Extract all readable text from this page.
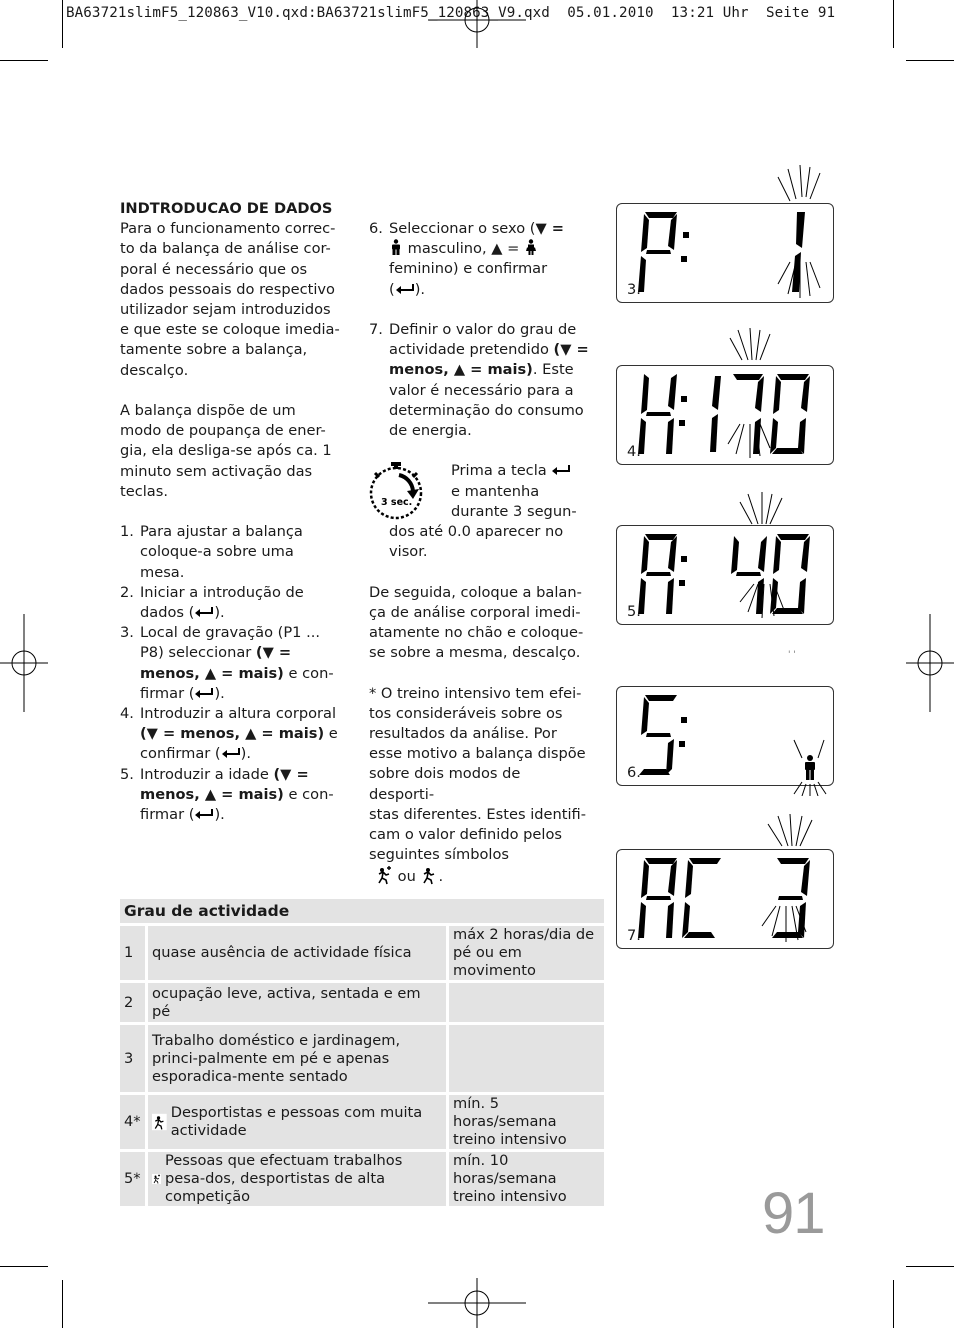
BA63721slimF5_120863_V10.qxd:BA63721slimF5_120863_V9.qxd  05.01.2010  13:21 Uhr  Seite 91
INDTRODUCAO DE DADOS
Para o funcionamento correc-
to da balança de análise cor-
poral é necessário que os
dados pessoais do respectivo
utilizador sejam introduzidos
e que este se coloque imedia-
tamente sobre a balança,
descalço.
A balança dispõe de um
modo de poupança de ener-
gia, ela desliga-se após ca. 1
minuto sem activação das
teclas.
1. Para ajustar a balança
coloque-a sobre uma
mesa.
2. Iniciar a introdução de
dados ( ).
3. Local de gravação (P1 ...
P8) seleccionar (▼ =
menos, ▲ = mais) e con-
firmar ( ).
4. Introduzir a altura corporal
(▼ = menos, ▲ = mais) e
confirmar ( ).
5. Introduzir a idade (▼ =
menos, ▲ = mais) e con-
firmar ( ).
6. Seleccionar o sexo (▼ =
masculino, ▲ =
feminino) e confirmar
( ).
7. Definir o valor do grau de
actividade pretendido (▼ =
menos, ▲ = mais). Este
valor é necessário para a
determinação do consumo
de energia.
3 sec.
Prima a tecla
e mantenha
durante 3 segun-
dos até 0.0 aparecer no
visor.
De seguida, coloque a balan-
ça de análise corporal imedi-
atamente no chão e coloque-
se sobre a mesma, descalço.
* O treino intensivo tem efei-
tos consideráveis sobre os
resultados da análise. Por
esse motivo a balança dispõe
sobre dois modos de desporti-
stas diferentes. Estes identifi-
cam o valor definido pelos
seguintes símbolos
ou .
3.
4.
5.
6.
' '
7.
Grau de actividade		
1	quase ausência de actividade física	máx 2 horas/dia de pé ou em movimento
2	ocupação leve, activa, sentada e em pé	
3	Trabalho doméstico e jardinagem, princi-palmente em pé e apenas esporadica-mente sentado	
4*	Desportistas e pessoas com muita actividade	mín. 5 horas/semana treino intensivo
5*	Pessoas que efectuam trabalhos pesa-dos, desportistas de alta competição	mín. 10 horas/semana treino intensivo	91
